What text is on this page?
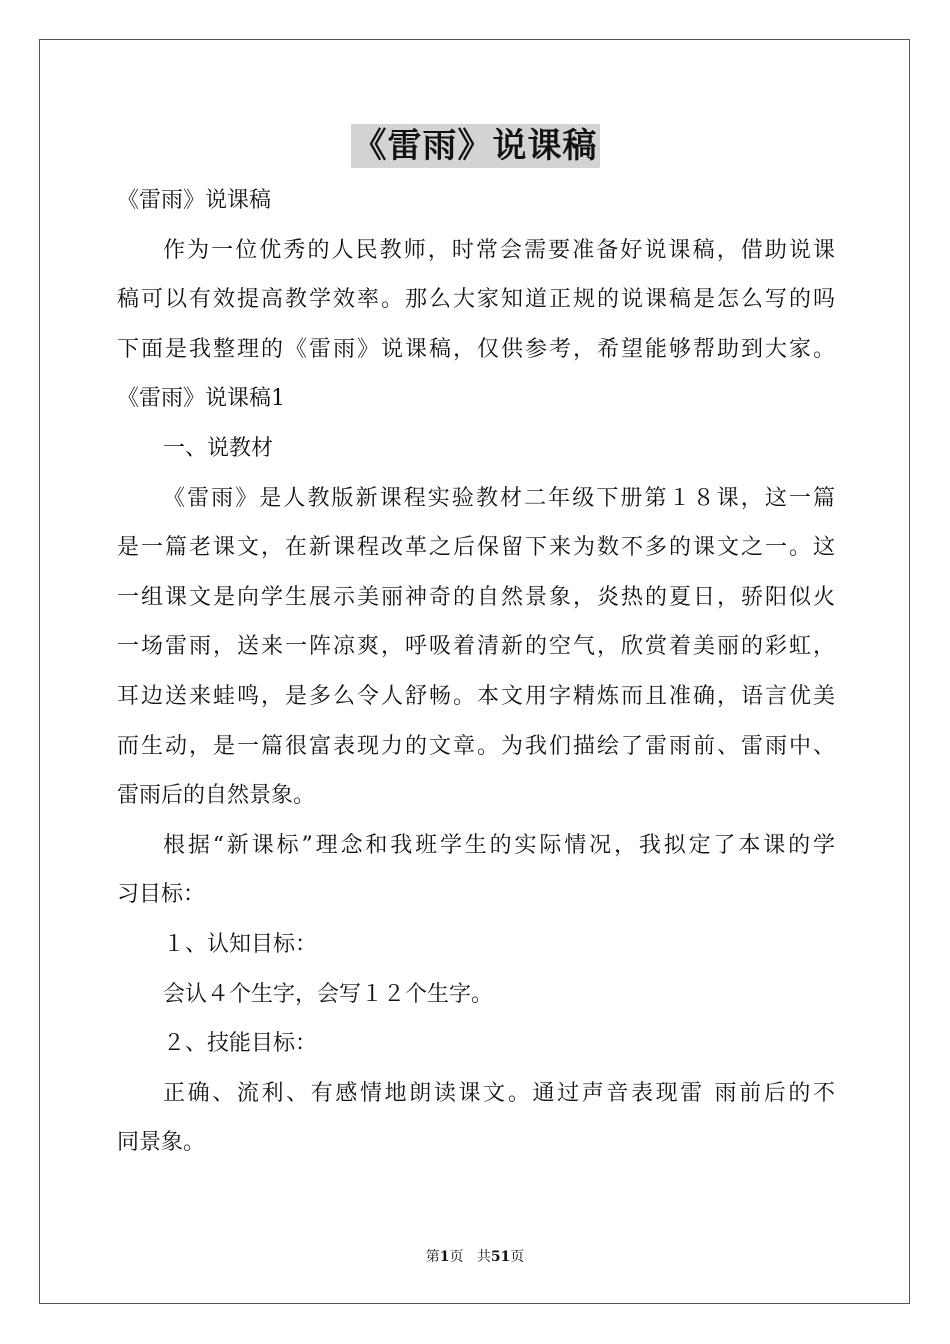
《雷雨》说课稿
《雷雨》说课稿
作为一位优秀的人民教师，时常会需要准备好说课稿，借助说课
稿可以有效提高教学效率。那么大家知道正规的说课稿是怎么写的吗
下面是我整理的《雷雨》说课稿，仅供参考，希望能够帮助到大家。
《雷雨》说课稿1
一、说教材
《雷雨》是人教版新课程实验教材二年级下册第１８课，这一篇
是一篇老课文，在新课程改革之后保留下来为数不多的课文之一。这
一组课文是向学生展示美丽神奇的自然景象，炎热的夏日，骄阳似火
一场雷雨，送来一阵凉爽，呼吸着清新的空气，欣赏着美丽的彩虹，
耳边送来蛙鸣，是多么令人舒畅。本文用字精炼而且准确，语言优美
而生动，是一篇很富表现力的文章。为我们描绘了雷雨前、雷雨中、
雷雨后的自然景象。
根据“新课标”理念和我班学生的实际情况，我拟定了本课的学
习目标：
１、认知目标：
会认４个生字，会写１２个生字。
２、技能目标：
正确、流利、有感情地朗读课文。通过声音表现雷 雨前后的不
同景象。
第1页 共51页
